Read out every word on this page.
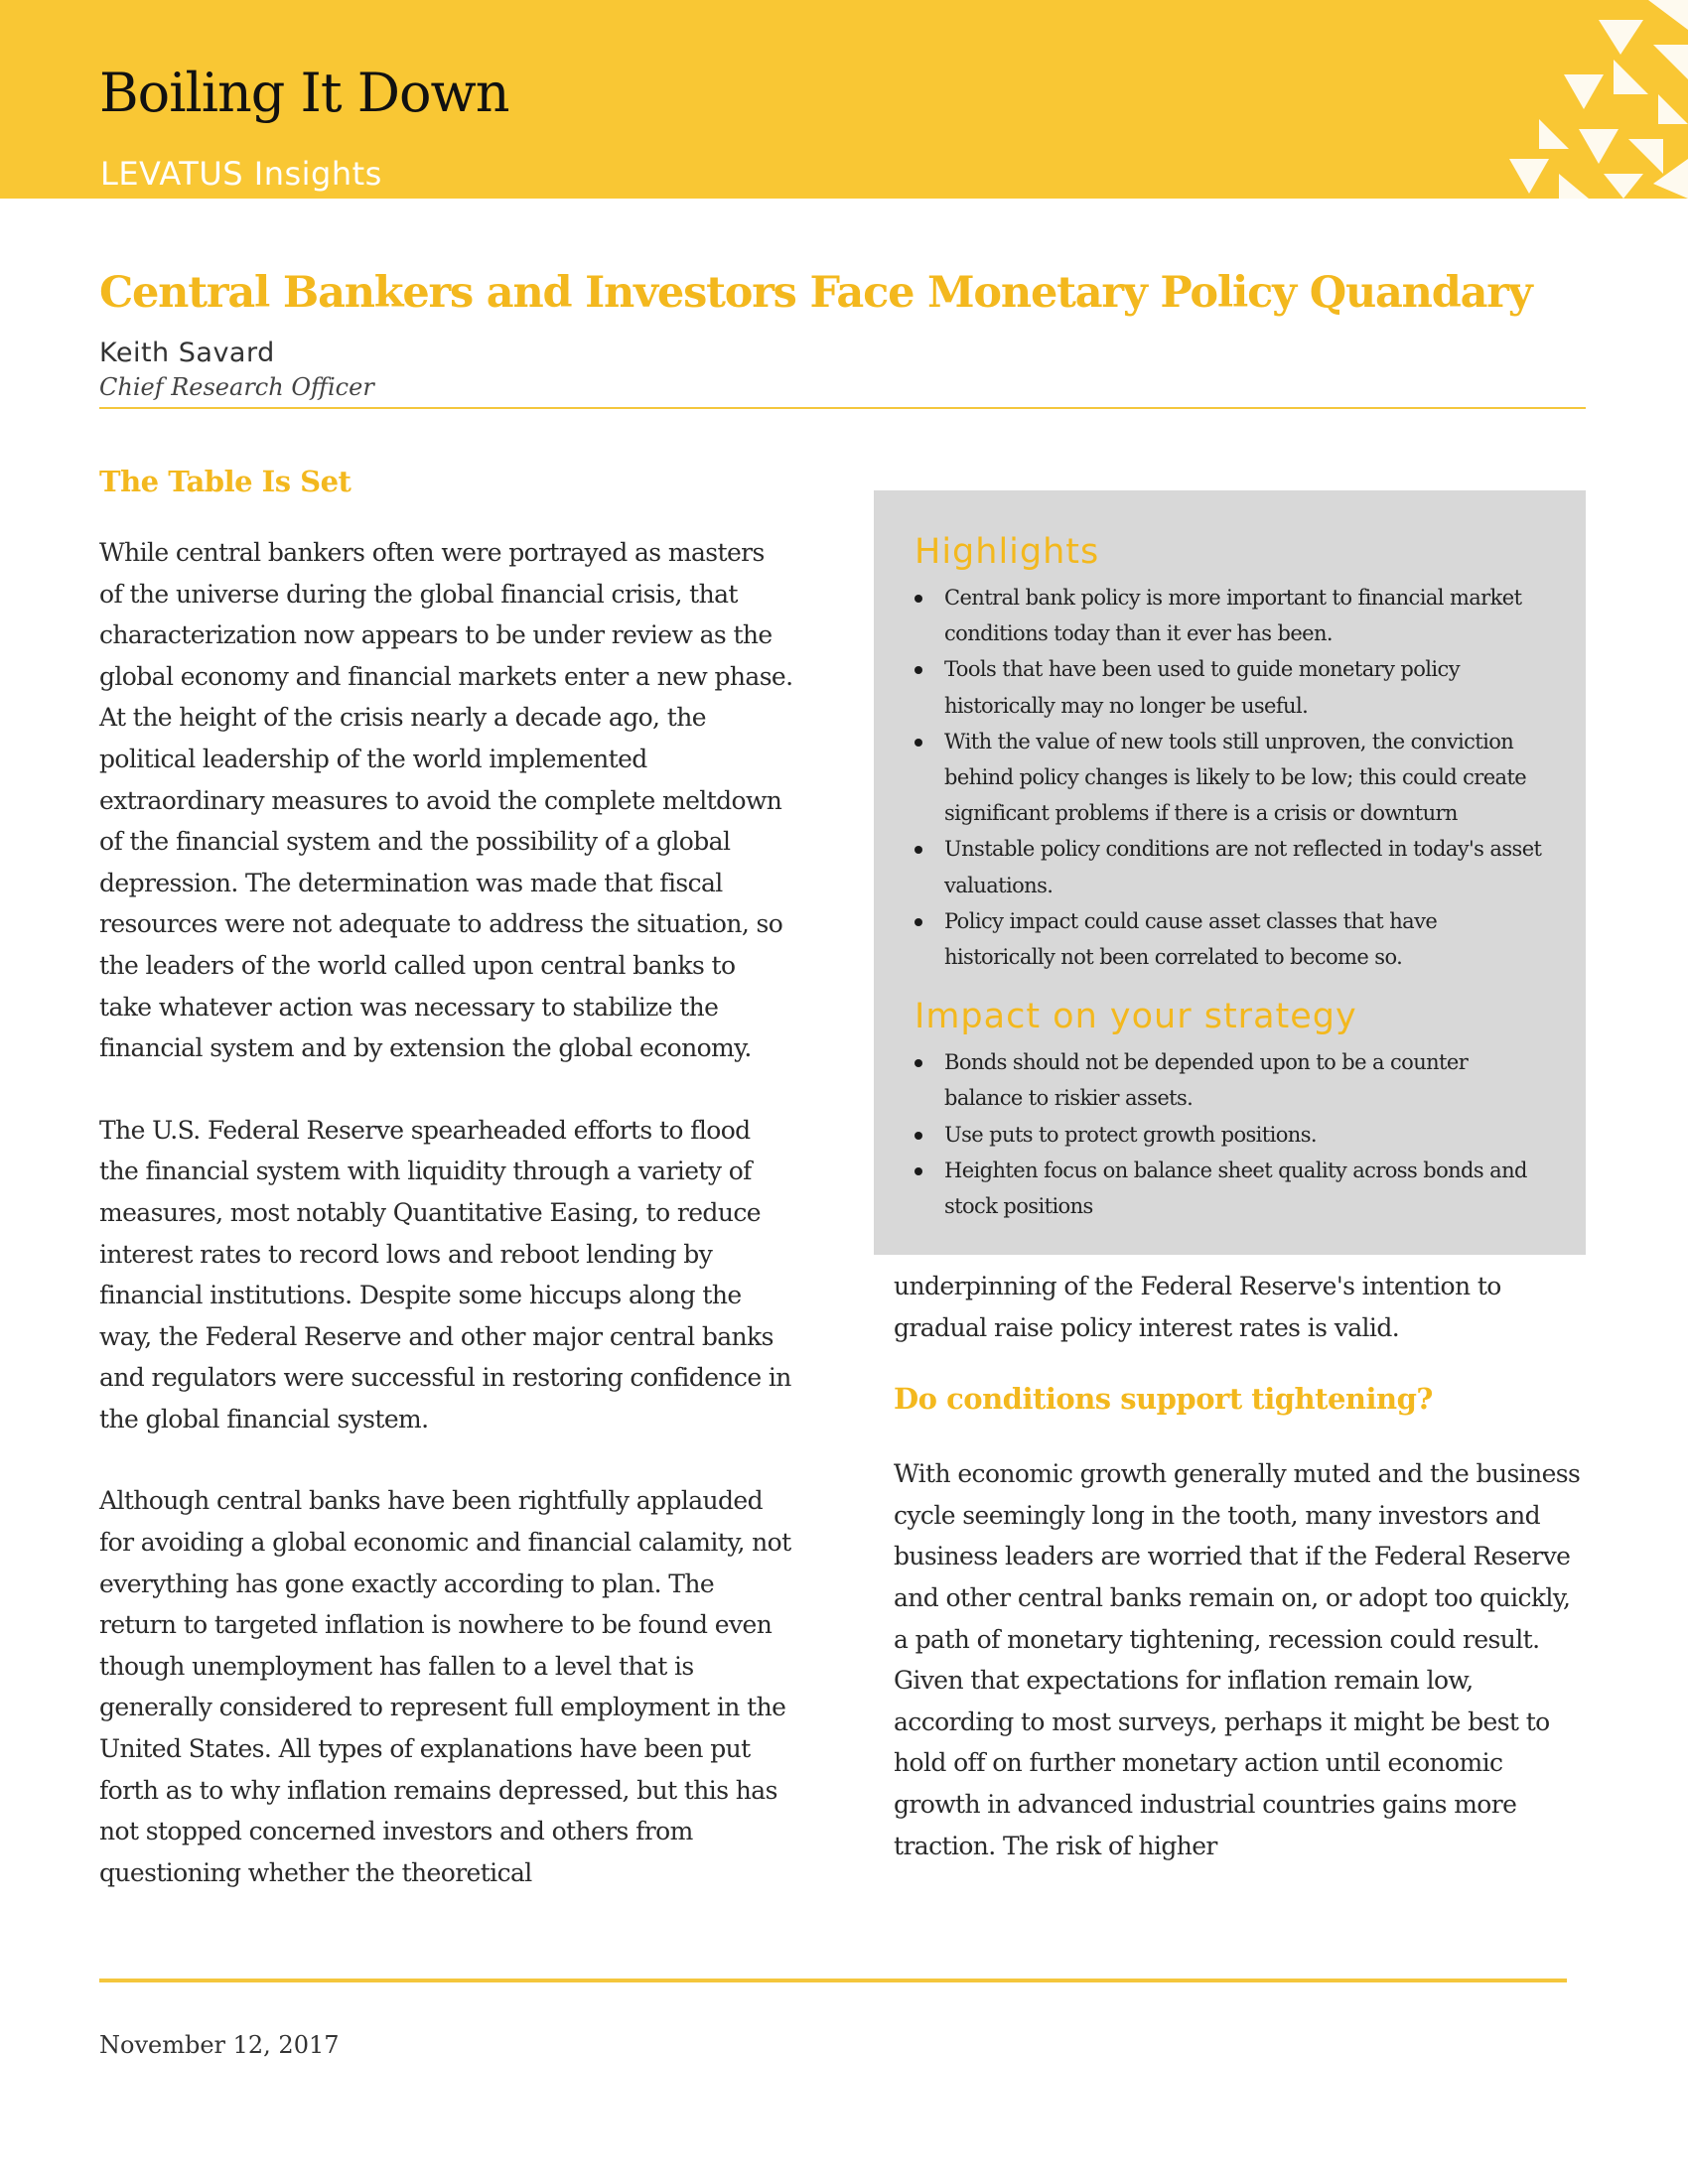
Boiling It Down
LEVATUS Insights
Central Bankers and Investors Face Monetary Policy Quandary
Keith Savard
Chief Research Officer
The Table Is Set

While central bankers often were portrayed as masters of the universe during the global financial crisis, that characterization now appears to be under review as the global economy and financial markets enter a new phase. At the height of the crisis nearly a decade ago, the political leadership of the world implemented extraordinary measures to avoid the complete meltdown of the financial system and the possibility of a global depression. The determination was made that fiscal resources were not adequate to address the situation, so the leaders of the world called upon central banks to take whatever action was necessary to stabilize the financial system and by extension the global economy.

The U.S. Federal Reserve spearheaded efforts to flood the financial system with liquidity through a variety of measures, most notably Quantitative Easing, to reduce interest rates to record lows and reboot lending by financial institutions. Despite some hiccups along the way, the Federal Reserve and other major central banks and regulators were successful in restoring confidence in the global financial system.

Although central banks have been rightfully applauded for avoiding a global economic and financial calamity, not everything has gone exactly according to plan. The return to targeted inflation is nowhere to be found even though unemployment has fallen to a level that is generally considered to represent full employment in the United States. All types of explanations have been put forth as to why inflation remains depressed, but this has not stopped concerned investors and others from questioning whether the theoretical

Highlights
Central bank policy is more important to financial market conditions today than it ever has been.
Tools that have been used to guide monetary policy historically may no longer be useful.
With the value of new tools still unproven, the conviction behind policy changes is likely to be low; this could create significant problems if there is a crisis or downturn
Unstable policy conditions are not reflected in today's asset valuations.
Policy impact could cause asset classes that have historically not been correlated to become so.
Impact on your strategy
Bonds should not be depended upon to be a counter balance to riskier assets.
Use puts to protect growth positions.
Heighten focus on balance sheet quality across bonds and stock positions

underpinning of the Federal Reserve's intention to gradual raise policy interest rates is valid.

Do conditions support tightening?

With economic growth generally muted and the business cycle seemingly long in the tooth, many investors and business leaders are worried that if the Federal Reserve and other central banks remain on, or adopt too quickly, a path of monetary tightening, recession could result. Given that expectations for inflation remain low, according to most surveys, perhaps it might be best to hold off on further monetary action until economic growth in advanced industrial countries gains more traction. The risk of higher

November 12, 2017
